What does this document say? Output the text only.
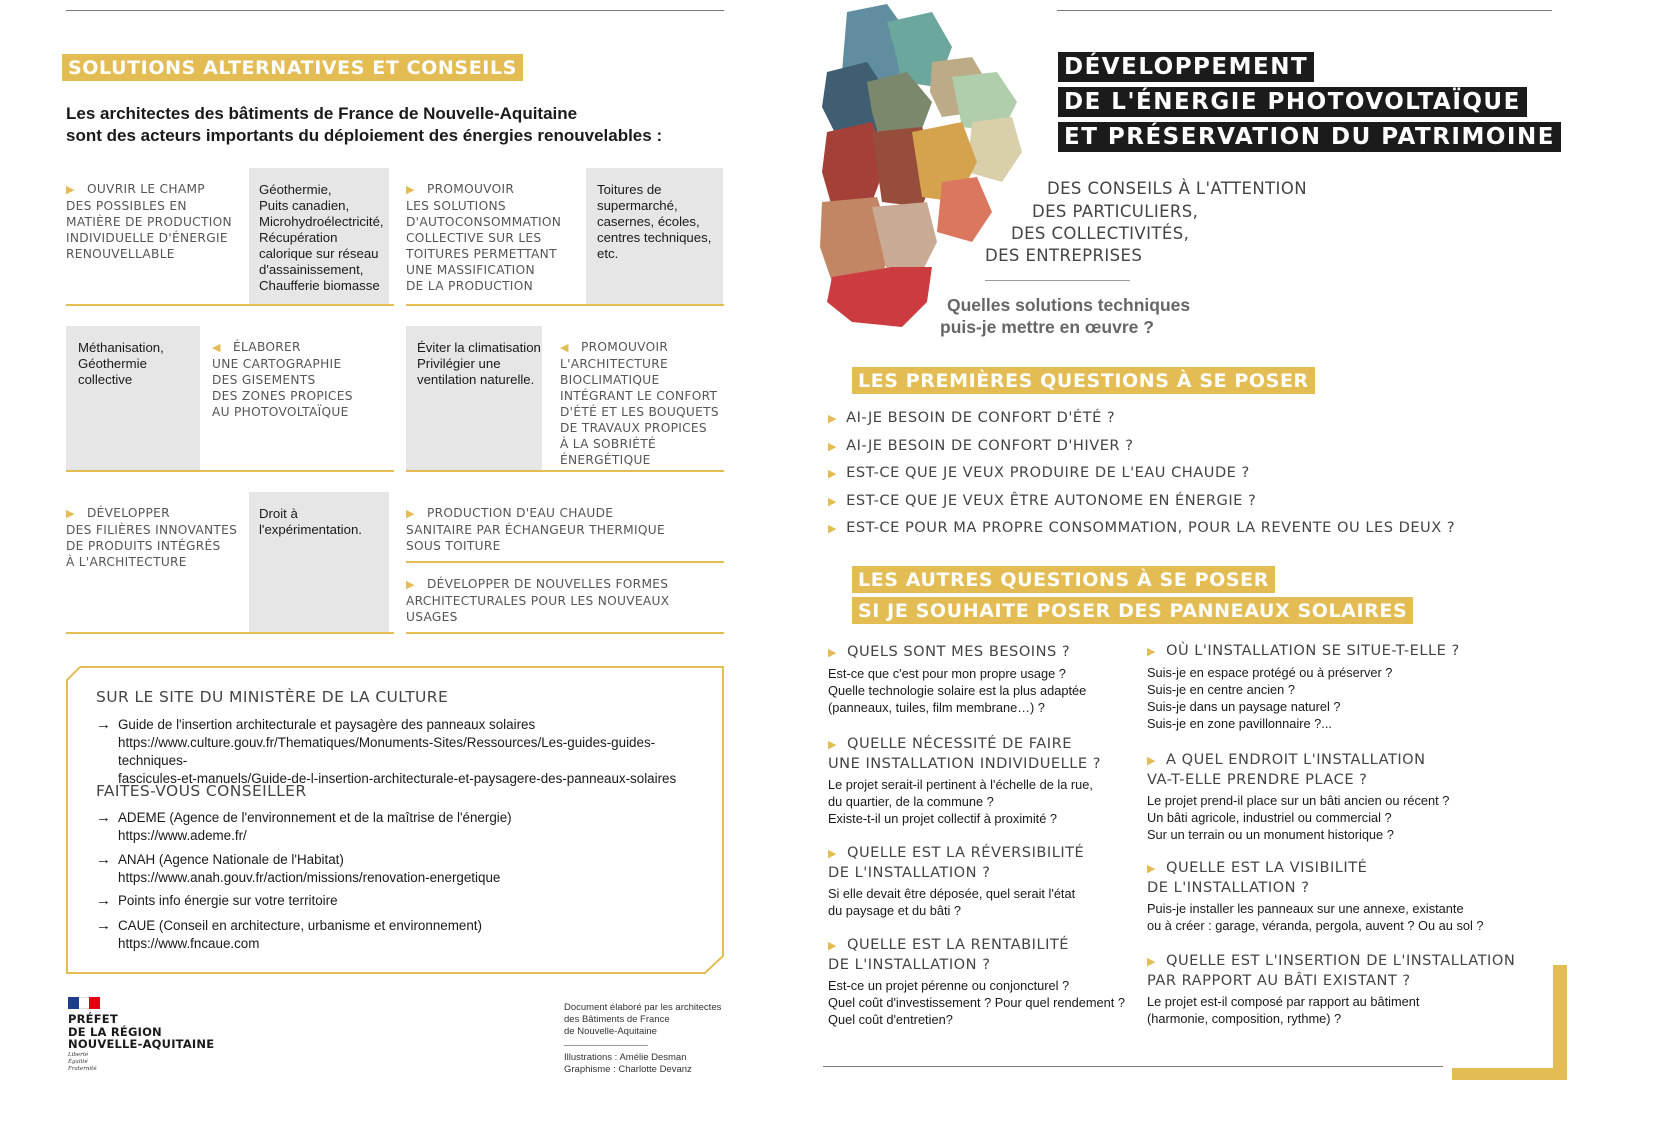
SOLUTIONS ALTERNATIVES ET CONSEILS
Les architectes des bâtiments de France de Nouvelle-Aquitaine
sont des acteurs importants du déploiement des énergies renouvelables :
▶ OUVRIR LE CHAMP
DES POSSIBLES EN
MATIÈRE DE PRODUCTION
INDIVIDUELLE D'ÉNERGIE
RENOUVELLABLE
Géothermie,
Puits canadien,
Microhydroélectricité,
Récupération
calorique sur réseau
d'assainissement,
Chaufferie biomasse
▶ PROMOUVOIR
LES SOLUTIONS
D'AUTOCONSOMMATION
COLLECTIVE SUR LES
TOITURES PERMETTANT
UNE MASSIFICATION
DE LA PRODUCTION
Toitures de
supermarché,
casernes, écoles,
centres techniques,
etc.
Méthanisation,
Géothermie
collective
◀ ÉLABORER
UNE CARTOGRAPHIE
DES GISEMENTS
DES ZONES PROPICES
AU PHOTOVOLTAÏQUE
Éviter la climatisation
Privilégier une
ventilation naturelle.
◀ PROMOUVOIR
L'ARCHITECTURE
BIOCLIMATIQUE
INTÉGRANT LE CONFORT
D'ÉTÉ ET LES BOUQUETS
DE TRAVAUX PROPICES
À LA SOBRIÉTÉ
ÉNERGÉTIQUE
▶ DÉVELOPPER
DES FILIÈRES INNOVANTES
DE PRODUITS INTÉGRÉS
À L'ARCHITECTURE
Droit à
l'expérimentation.
▶ PRODUCTION D'EAU CHAUDE
SANITAIRE PAR ÉCHANGEUR THERMIQUE
SOUS TOITURE
▶ DÉVELOPPER DE NOUVELLES FORMES
ARCHITECTURALES POUR LES NOUVEAUX
USAGES
SUR LE SITE DU MINISTÈRE DE LA CULTURE
→ Guide de l'insertion architecturale et paysagère des panneaux solaires
https://www.culture.gouv.fr/Thematiques/Monuments-Sites/Ressources/Les-guides-guides-techniques-
fascicules-et-manuels/Guide-de-l-insertion-architecturale-et-paysagere-des-panneaux-solaires
FAITES-VOUS CONSEILLER
→ ADEME (Agence de l'environnement et de la maîtrise de l'énergie)
https://www.ademe.fr/
→ ANAH (Agence Nationale de l'Habitat)
https://www.anah.gouv.fr/action/missions/renovation-energetique
→ Points info énergie sur votre territoire
→ CAUE (Conseil en architecture, urbanisme et environnement)
https://www.fncaue.com
PRÉFET
DE LA RÉGION
NOUVELLE-AQUITAINE
Liberté
Égalité
Fraternité
Document élaboré par les architectes
des Bâtiments de France
de Nouvelle-Aquitaine
Illustrations : Amélie Desman
Graphisme : Charlotte Devanz
DÉVELOPPEMENT
DE L'ÉNERGIE PHOTOVOLTAÏQUE
ET PRÉSERVATION DU PATRIMOINE
DES CONSEILS À L'ATTENTION
DES PARTICULIERS,
DES COLLECTIVITÉS,
DES ENTREPRISES
Quelles solutions techniques
puis-je mettre en œuvre ?
LES PREMIÈRES QUESTIONS À SE POSER
▶ AI-JE BESOIN DE CONFORT D'ÉTÉ ?
▶ AI-JE BESOIN DE CONFORT D'HIVER ?
▶ EST-CE QUE JE VEUX PRODUIRE DE L'EAU CHAUDE ?
▶ EST-CE QUE JE VEUX ÊTRE AUTONOME EN ÉNERGIE ?
▶ EST-CE POUR MA PROPRE CONSOMMATION, POUR LA REVENTE OU LES DEUX ?
LES AUTRES QUESTIONS À SE POSER
SI JE SOUHAITE POSER DES PANNEAUX SOLAIRES
▶ QUELS SONT MES BESOINS ?
Est-ce que c'est pour mon propre usage ?
Quelle technologie solaire est la plus adaptée
(panneaux, tuiles, film membrane…) ?
▶ QUELLE NÉCESSITÉ DE FAIRE
UNE INSTALLATION INDIVIDUELLE ?
Le projet serait-il pertinent à l'échelle de la rue,
du quartier, de la commune ?
Existe-t-il un projet collectif à proximité ?
▶ QUELLE EST LA RÉVERSIBILITÉ
DE L'INSTALLATION ?
Si elle devait être déposée, quel serait l'état
du paysage et du bâti ?
▶ QUELLE EST LA RENTABILITÉ
DE L'INSTALLATION ?
Est-ce un projet pérenne ou conjoncturel ?
Quel coût d'investissement ? Pour quel rendement ?
Quel coût d'entretien?
▶ OÙ L'INSTALLATION SE SITUE-T-ELLE ?
Suis-je en espace protégé ou à préserver ?
Suis-je en centre ancien ?
Suis-je dans un paysage naturel ?
Suis-je en zone pavillonnaire ?...
▶ A QUEL ENDROIT L'INSTALLATION
VA-T-ELLE PRENDRE PLACE ?
Le projet prend-il place sur un bâti ancien ou récent ?
Un bâti agricole, industriel ou commercial ?
Sur un terrain ou un monument historique ?
▶ QUELLE EST LA VISIBILITÉ
DE L'INSTALLATION ?
Puis-je installer les panneaux sur une annexe, existante
ou à créer : garage, véranda, pergola, auvent ? Ou au sol ?
▶ QUELLE EST L'INSERTION DE L'INSTALLATION
PAR RAPPORT AU BÂTI EXISTANT ?
Le projet est-il composé par rapport au bâtiment
(harmonie, composition, rythme) ?
